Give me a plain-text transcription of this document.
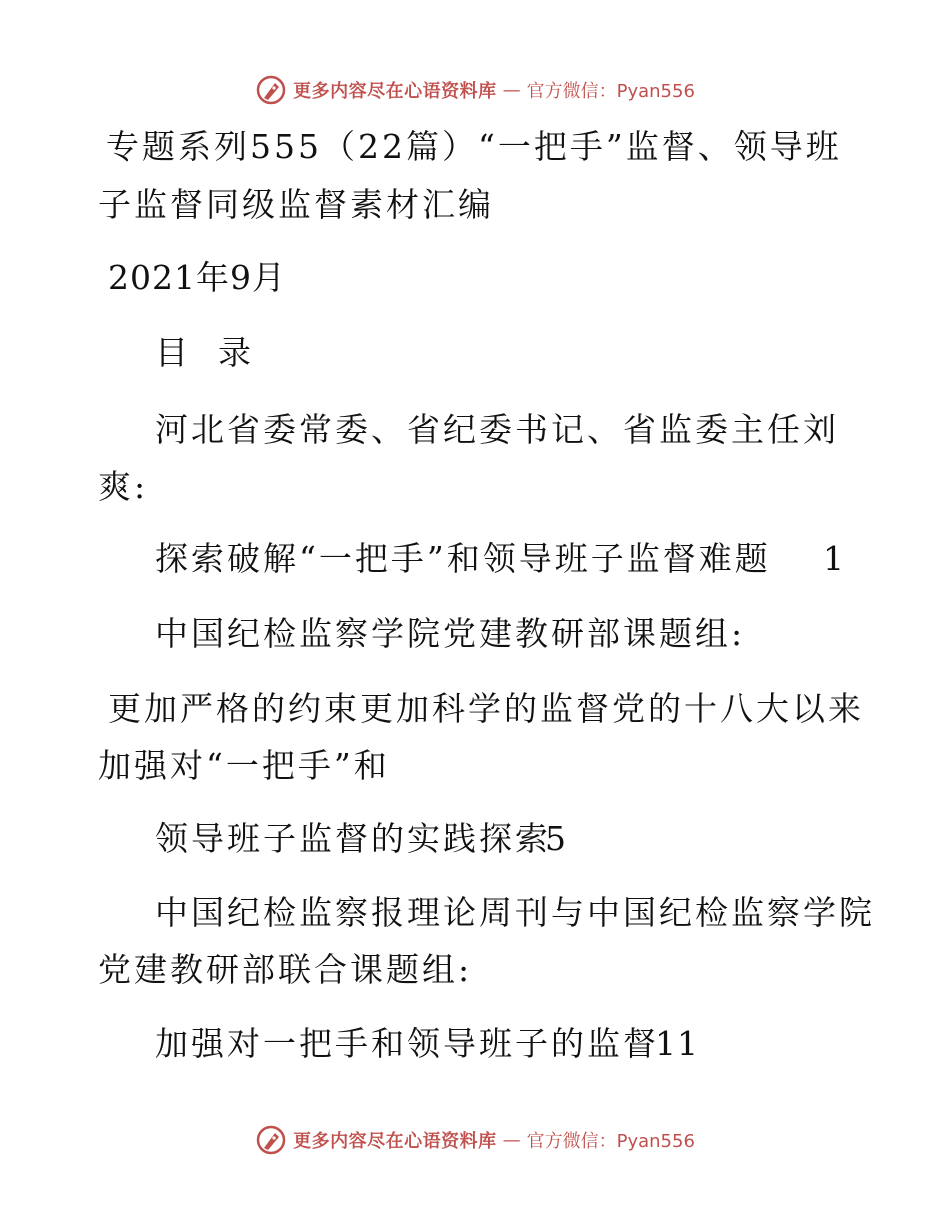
更多内容尽在心语资料库 — 官方微信：Pyan556
专题系列555（22篇）“一把手”监督、领导班
子监督同级监督素材汇编
2021年9月
目  录
河北省委常委、省纪委书记、省监委主任刘
爽:
探索破解“一把手”和领导班子监督难题	1
中国纪检监察学院党建教研部课题组:
更加严格的约束更加科学的监督党的十八大以来
加强对“一把手”和
领导班子监督的实践探索
5
中国纪检监察报理论周刊与中国纪检监察学院
党建教研部联合课题组:
加强对一把手和领导班子的监督
11
更多内容尽在心语资料库 — 官方微信：Pyan556
